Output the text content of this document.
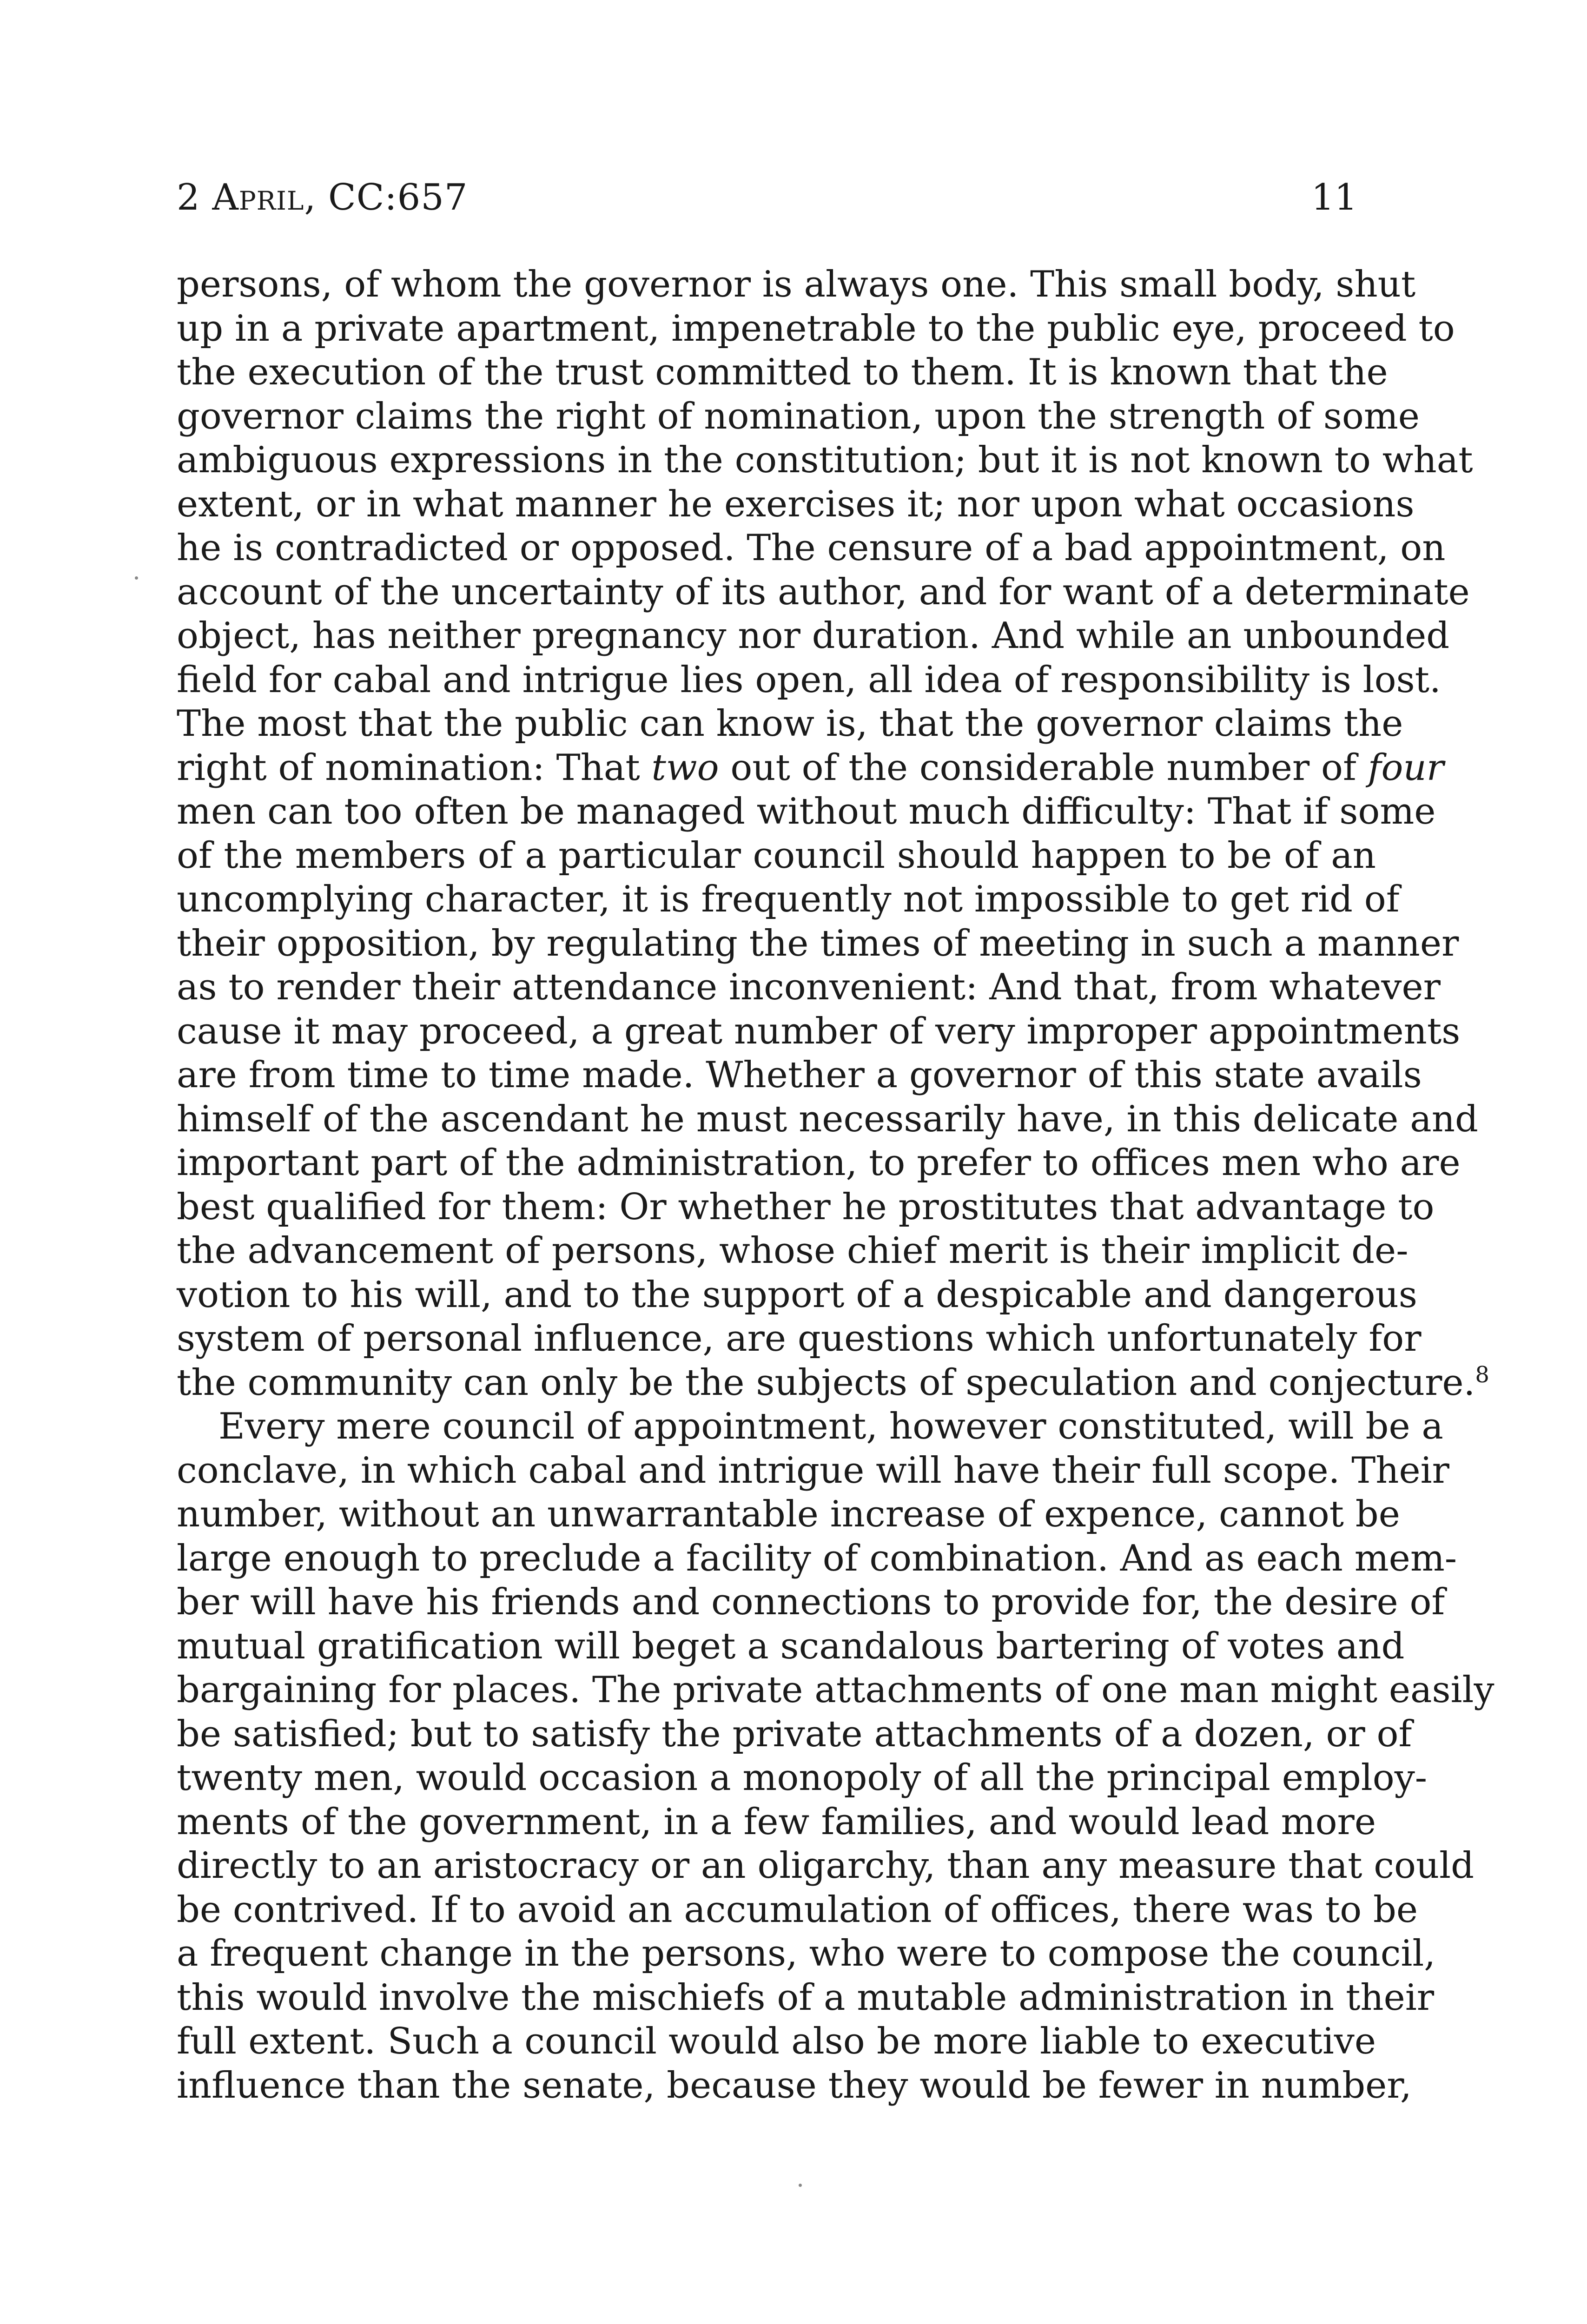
2 April, CC:657	11
persons, of whom the governor is always one. This small body, shut
up in a private apartment, impenetrable to the public eye, proceed to
the execution of the trust committed to them. It is known that the
governor claims the right of nomination, upon the strength of some
ambiguous expressions in the constitution; but it is not known to what
extent, or in what manner he exercises it; nor upon what occasions
he is contradicted or opposed. The censure of a bad appointment, on
account of the uncertainty of its author, and for want of a determinate
object, has neither pregnancy nor duration. And while an unbounded
field for cabal and intrigue lies open, all idea of responsibility is lost.
The most that the public can know is, that the governor claims the
right of nomination: That two out of the considerable number of four
men can too often be managed without much difficulty: That if some
of the members of a particular council should happen to be of an
uncomplying character, it is frequently not impossible to get rid of
their opposition, by regulating the times of meeting in such a manner
as to render their attendance inconvenient: And that, from whatever
cause it may proceed, a great number of very improper appointments
are from time to time made. Whether a governor of this state avails
himself of the ascendant he must necessarily have, in this delicate and
important part of the administration, to prefer to offices men who are
best qualified for them: Or whether he prostitutes that advantage to
the advancement of persons, whose chief merit is their implicit de-
votion to his will, and to the support of a despicable and dangerous
system of personal influence, are questions which unfortunately for
the community can only be the subjects of speculation and conjecture.$^8$
Every mere council of appointment, however constituted, will be a
conclave, in which cabal and intrigue will have their full scope. Their
number, without an unwarrantable increase of expence, cannot be
large enough to preclude a facility of combination. And as each mem-
ber will have his friends and connections to provide for, the desire of
mutual gratification will beget a scandalous bartering of votes and
bargaining for places. The private attachments of one man might easily
be satisfied; but to satisfy the private attachments of a dozen, or of
twenty men, would occasion a monopoly of all the principal employ-
ments of the government, in a few families, and would lead more
directly to an aristocracy or an oligarchy, than any measure that could
be contrived. If to avoid an accumulation of offices, there was to be
a frequent change in the persons, who were to compose the council,
this would involve the mischiefs of a mutable administration in their
full extent. Such a council would also be more liable to executive
influence than the senate, because they would be fewer in number,
